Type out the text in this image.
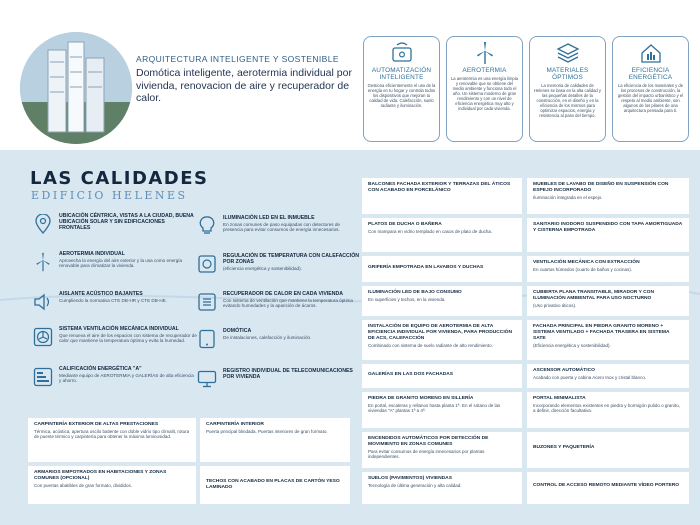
ARQUITECTURA INTELIGENTE Y SOSTENIBLE
Domótica inteligente, aerotermia individual por vivienda, renovacion de aire y recuperador de calor.
AUTOMATIZACIÓN INTELIGENTE
Gestiona eficientemente el uso de la energía en tu hogar y controla todos los dispositivos que mejoran tu calidad de vida. Calefacción, suelo radiante y iluminación.
AEROTERMIA
La aerotermia es una energía limpia y renovable que se obtiene del medio ambiente y funciona todo el año. Un sistema moderno de gran rendimiento y con un nivel de eficiencia energética muy alto y individual por cada vivienda.
MATERIALES ÓPTIMOS
La memoria de calidades de Helenes se basa en la alta calidad y las pequeñas detalles de la construcción, en el diseño y en la eficiencia de los mismos para optimizar espacios, energía y resistencia al paso del tiempo.
EFICIENCIA ENERGÉTICA
La eficiencia de los materiales y de los procesos de construcción, la gestión del impacto urbanístico y el respeto al medio ambiente, son algunos de los pilares de una arquitectura pensada para ti.
LAS CALIDADES
EDIFICIO HELENES
UBICACIÓN CÉNTRICA, VISTAS A LA CIUDAD, BUENA UBICACIÓN SOLAR Y SIN EDIFICACIONES FRONTALES
ILUMINACIÓN LED EN EL INMUEBLE
En zonas comunes de paso equipadas con detectores de presencia para evitar consumos de energía innecesarios.
AEROTERMIA INDIVIDUAL
Aprovecha la energía del aire exterior y la usa como energía renovable para climatizar la vivienda.
REGULACIÓN DE TEMPERATURA CON CALEFACCIÓN POR ZONAS
(eficiencia energética y sostenibilidad).
AISLANTE ACÚSTICO BAJANTES
Cumpliendo la normativa CTE DB-HR y CTE DB-HE.
RECUPERADOR DE CALOR EN CADA VIVIENDA
Con sistema de ventilación que mantiene la temperatura óptima evitando humedades y la aparición de ácaros.
SISTEMA VENTILACIÓN MECÁNICA INDIVIDUAL
Que renueva el aire de los espacios con sistema de recuperador de calor que mantiene la temperatura óptima y evita la humedad.
DOMÓTICA
De instalaciones, calefacción y iluminación.
CALIFICACIÓN ENERGÉTICA "A"
Mediante equipo de AEROTERMIA y GALERÍAS de alta eficiencia y ahorro.
REGISTRO INDIVIDUAL DE TELECOMUNICACIONES POR VIVIENDA
CARPINTERÍA EXTERIOR DE ALTAS PRESTACIONES
Térmica, acústica, apertura oscilo batiente con doble vidrio tipo climalit, rotura de puente térmico y carpintería para obtener la máxima luminosidad.
CARPINTERÍA INTERIOR
Puerta principal blindada. Puertas interiores de gran formato.
ARMARIOS EMPOTRADOS EN HABITACIONES Y ZONAS COMUNES (OPCIONAL)
Con puertas abatibles de gran formato, divididos.
TECHOS CON ACABADO EN PLACAS DE CARTÓN YESO LAMINADO
BALCONES FACHADA EXTERIOR Y TERRAZAS DEL ÁTICOS CON ACABADO EN PORCELÁNICO
PLATOS DE DUCHA O BAÑERA
Con mampara en vidrio templado en casos de plato de ducha.
GRIFERÍA EMPOTRADA EN LAVABOS Y DUCHAS
ILUMINACIÓN LED DE BAJO CONSUMO
En superficies y techos, en la vivienda.
INSTALACIÓN DE EQUIPO DE AEROTERMIA DE ALTA EFICIENCIA INDIVIDUAL POR VIVIENDA, PARA PRODUCCIÓN DE ACS, CALEFACCIÓN
Combinado con sistema de suelo radiante de alto rendimiento.
GALERÍAS EN LAS DOS FACHADAS
PIEDRA DE GRANITO MORENO EN SILLERÍA
En portal, escaleras y rellanos hasta planta 1ª. En el sótano de las viviendas "A" plantas 1ª a 4ª.
ENCENDIDOS AUTOMÁTICOS POR DETECCIÓN DE MOVIMIENTO EN ZONAS COMUNES
Para evitar consumos de energía innecesarios por plantas independientes.
SUELOS (PAVIMENTOS) VIVIENDAS
Tecnología de última generación y alta calidad.
MUEBLES DE LAVABO DE DISEÑO EN SUSPENSIÓN CON ESPEJO INCORPORADO
Iluminación integrada en el espejo.
SANITARIO INODORO SUSPENDIDO CON TAPA AMORTIGUADA Y CISTERNA EMPOTRADA
VENTILACIÓN MECÁNICA CON EXTRACCIÓN
En cuartos húmedos (cuarto de baños y cocinas).
CUBIERTA PLANA TRANSITABLE, MIRADOR Y CON ILUMINACIÓN AMBIENTAL PARA USO NOCTURNO
(Uso privativo áticos).
FACHADA PRINCIPAL EN PIEDRA GRANITO MORENO + SISTEMA VENTILADO + FACHADA TRASERA EN SISTEMA SATE
(Eficiencia energética y sostenibilidad).
ASCENSOR AUTOMÁTICO
Acabado con puerta y cabina Acero Inox y cristal blanco.
PORTAL MINIMALISTA
Incorporando elementos existentes en piedra y hormigón pulido o granito, a definir, dirección facultativa.
BUZONES Y PAQUETERÍA
CONTROL DE ACCESO REMOTO MEDIANTE VÍDEO PORTERO
